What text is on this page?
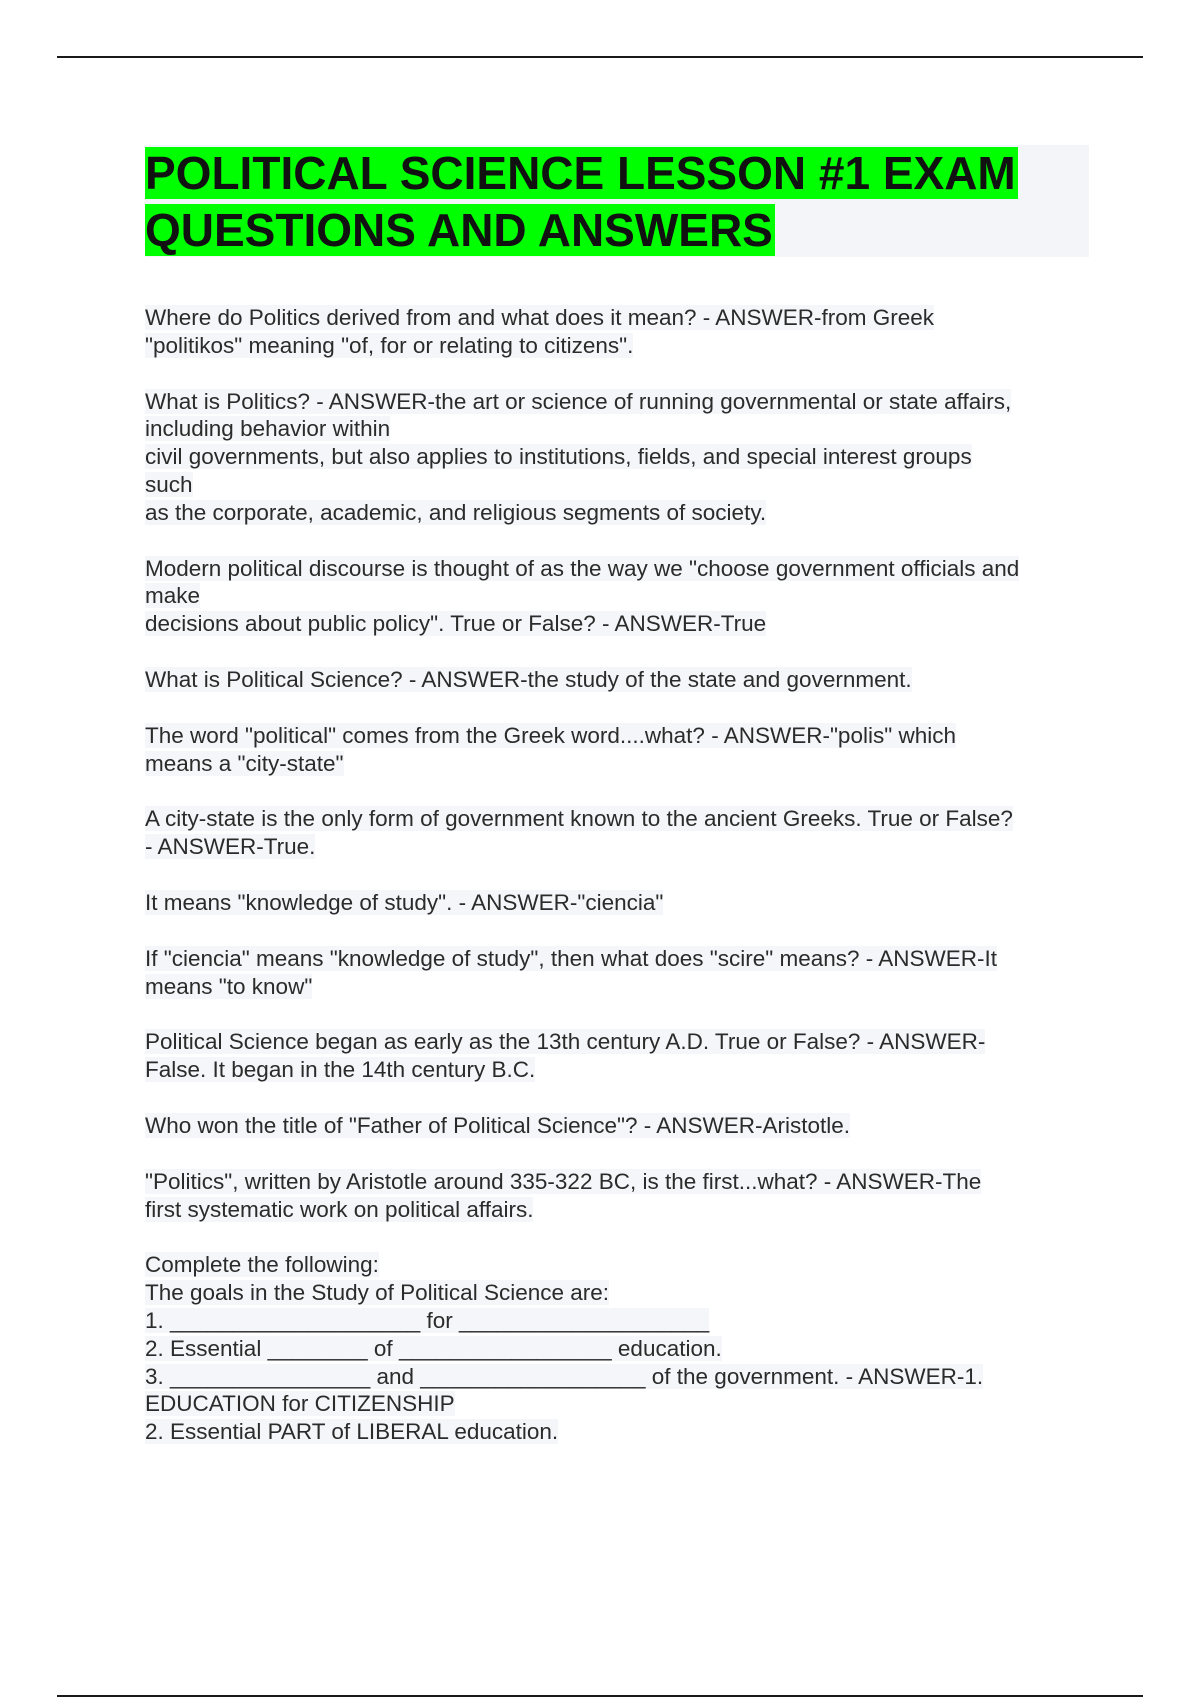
POLITICAL SCIENCE LESSON #1 EXAM
QUESTIONS AND ANSWERS

Where do Politics derived from and what does it mean? - ANSWER-from Greek
"politikos" meaning "of, for or relating to citizens".

What is Politics? - ANSWER-the art or science of running governmental or state affairs,
including behavior within
civil governments, but also applies to institutions, fields, and special interest groups
such
as the corporate, academic, and religious segments of society.

Modern political discourse is thought of as the way we "choose government officials and
make
decisions about public policy". True or False? - ANSWER-True

What is Political Science? - ANSWER-the study of the state and government.

The word "political" comes from the Greek word....what? - ANSWER-"polis" which
means a "city-state"

A city-state is the only form of government known to the ancient Greeks. True or False?
- ANSWER-True.

It means "knowledge of study". - ANSWER-"ciencia"

If "ciencia" means "knowledge of study", then what does "scire" means? - ANSWER-It
means "to know"

Political Science began as early as the 13th century A.D. True or False? - ANSWER-
False. It began in the 14th century B.C.

Who won the title of "Father of Political Science"? - ANSWER-Aristotle.

"Politics", written by Aristotle around 335-322 BC, is the first...what? - ANSWER-The
first systematic work on political affairs.

Complete the following:
The goals in the Study of Political Science are:
1. ____________________ for ____________________
2. Essential ________ of _________________ education.
3. ________________ and __________________ of the government. - ANSWER-1.
EDUCATION for CITIZENSHIP
2. Essential PART of LIBERAL education.
